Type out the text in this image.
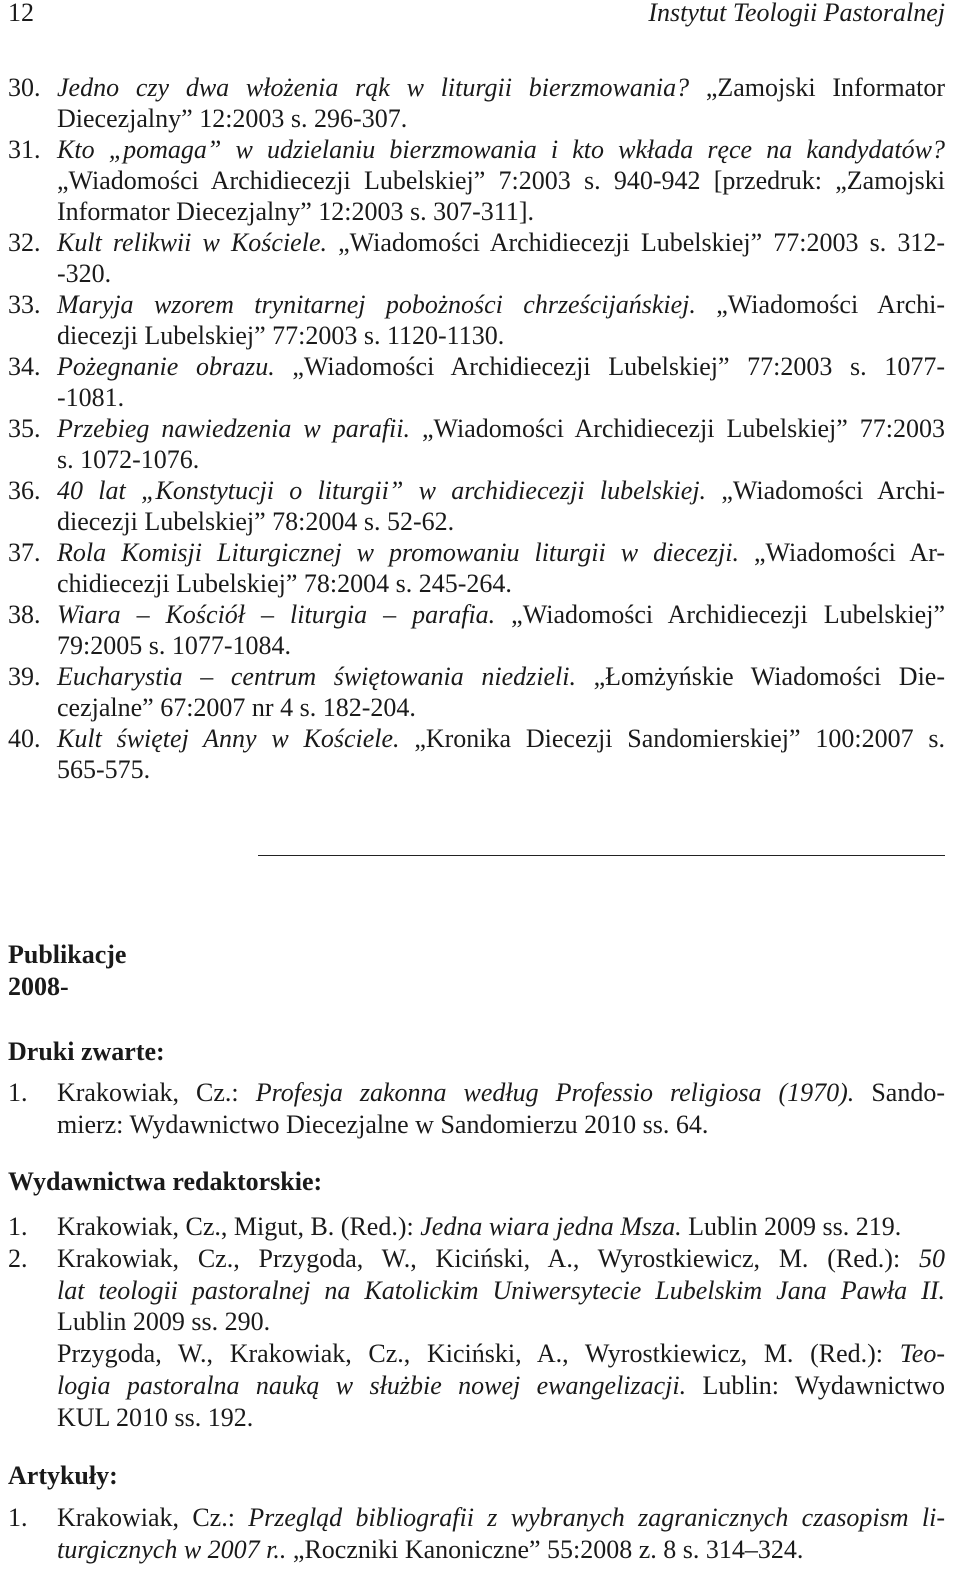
12	Instytut Teologii Pastoralnej
30. Jedno czy dwa włożenia rąk w liturgii bierzmowania? „Zamojski Informator
Diecezjalny” 12:2003 s. 296-307.
31. Kto „pomaga” w udzielaniu bierzmowania i kto wkłada ręce na kandydatów?
„Wiadomości Archidiecezji Lubelskiej” 7:2003 s. 940-942 [przedruk: „Zamojski
Informator Diecezjalny” 12:2003 s. 307-311].
32. Kult relikwii w Kościele. „Wiadomości Archidiecezji Lubelskiej” 77:2003 s. 312-
-320.
33. Maryja wzorem trynitarnej pobożności chrześcijańskiej. „Wiadomości Archi-
diecezji Lubelskiej” 77:2003 s. 1120-1130.
34. Pożegnanie obrazu. „Wiadomości Archidiecezji Lubelskiej” 77:2003 s. 1077-
-1081.
35. Przebieg nawiedzenia w parafii. „Wiadomości Archidiecezji Lubelskiej” 77:2003
s. 1072-1076.
36. 40 lat „Konstytucji o liturgii” w archidiecezji lubelskiej. „Wiadomości Archi-
diecezji Lubelskiej” 78:2004 s. 52-62.
37. Rola Komisji Liturgicznej w promowaniu liturgii w diecezji. „Wiadomości Ar-
chidiecezji Lubelskiej” 78:2004 s. 245-264.
38. Wiara – Kościół – liturgia – parafia. „Wiadomości Archidiecezji Lubelskiej”
79:2005 s. 1077-1084.
39. Eucharystia – centrum świętowania niedzieli. „Łomżyńskie Wiadomości Die-
cezjalne” 67:2007 nr 4 s. 182-204.
40. Kult świętej Anny w Kościele. „Kronika Diecezji Sandomierskiej” 100:2007 s.
565-575.
Publikacje
2008-
Druki zwarte:
1. Krakowiak, Cz.: Profesja zakonna według Professio religiosa (1970). Sando-
mierz: Wydawnictwo Diecezjalne w Sandomierzu 2010 ss. 64.
Wydawnictwa redaktorskie:
1. Krakowiak, Cz., Migut, B. (Red.): Jedna wiara jedna Msza. Lublin 2009 ss. 219.
2. Krakowiak, Cz., Przygoda, W., Kiciński, A., Wyrostkiewicz, M. (Red.): 50
lat teologii pastoralnej na Katolickim Uniwersytecie Lubelskim Jana Pawła II.
Lublin 2009 ss. 290.
Przygoda, W., Krakowiak, Cz., Kiciński, A., Wyrostkiewicz, M. (Red.): Teo-
logia pastoralna nauką w służbie nowej ewangelizacji. Lublin: Wydawnictwo
KUL 2010 ss. 192.
Artykuły:
1. Krakowiak, Cz.: Przegląd bibliografii z wybranych zagranicznych czasopism li-
turgicznych w 2007 r.. „Roczniki Kanoniczne” 55:2008 z. 8 s. 314–324.
